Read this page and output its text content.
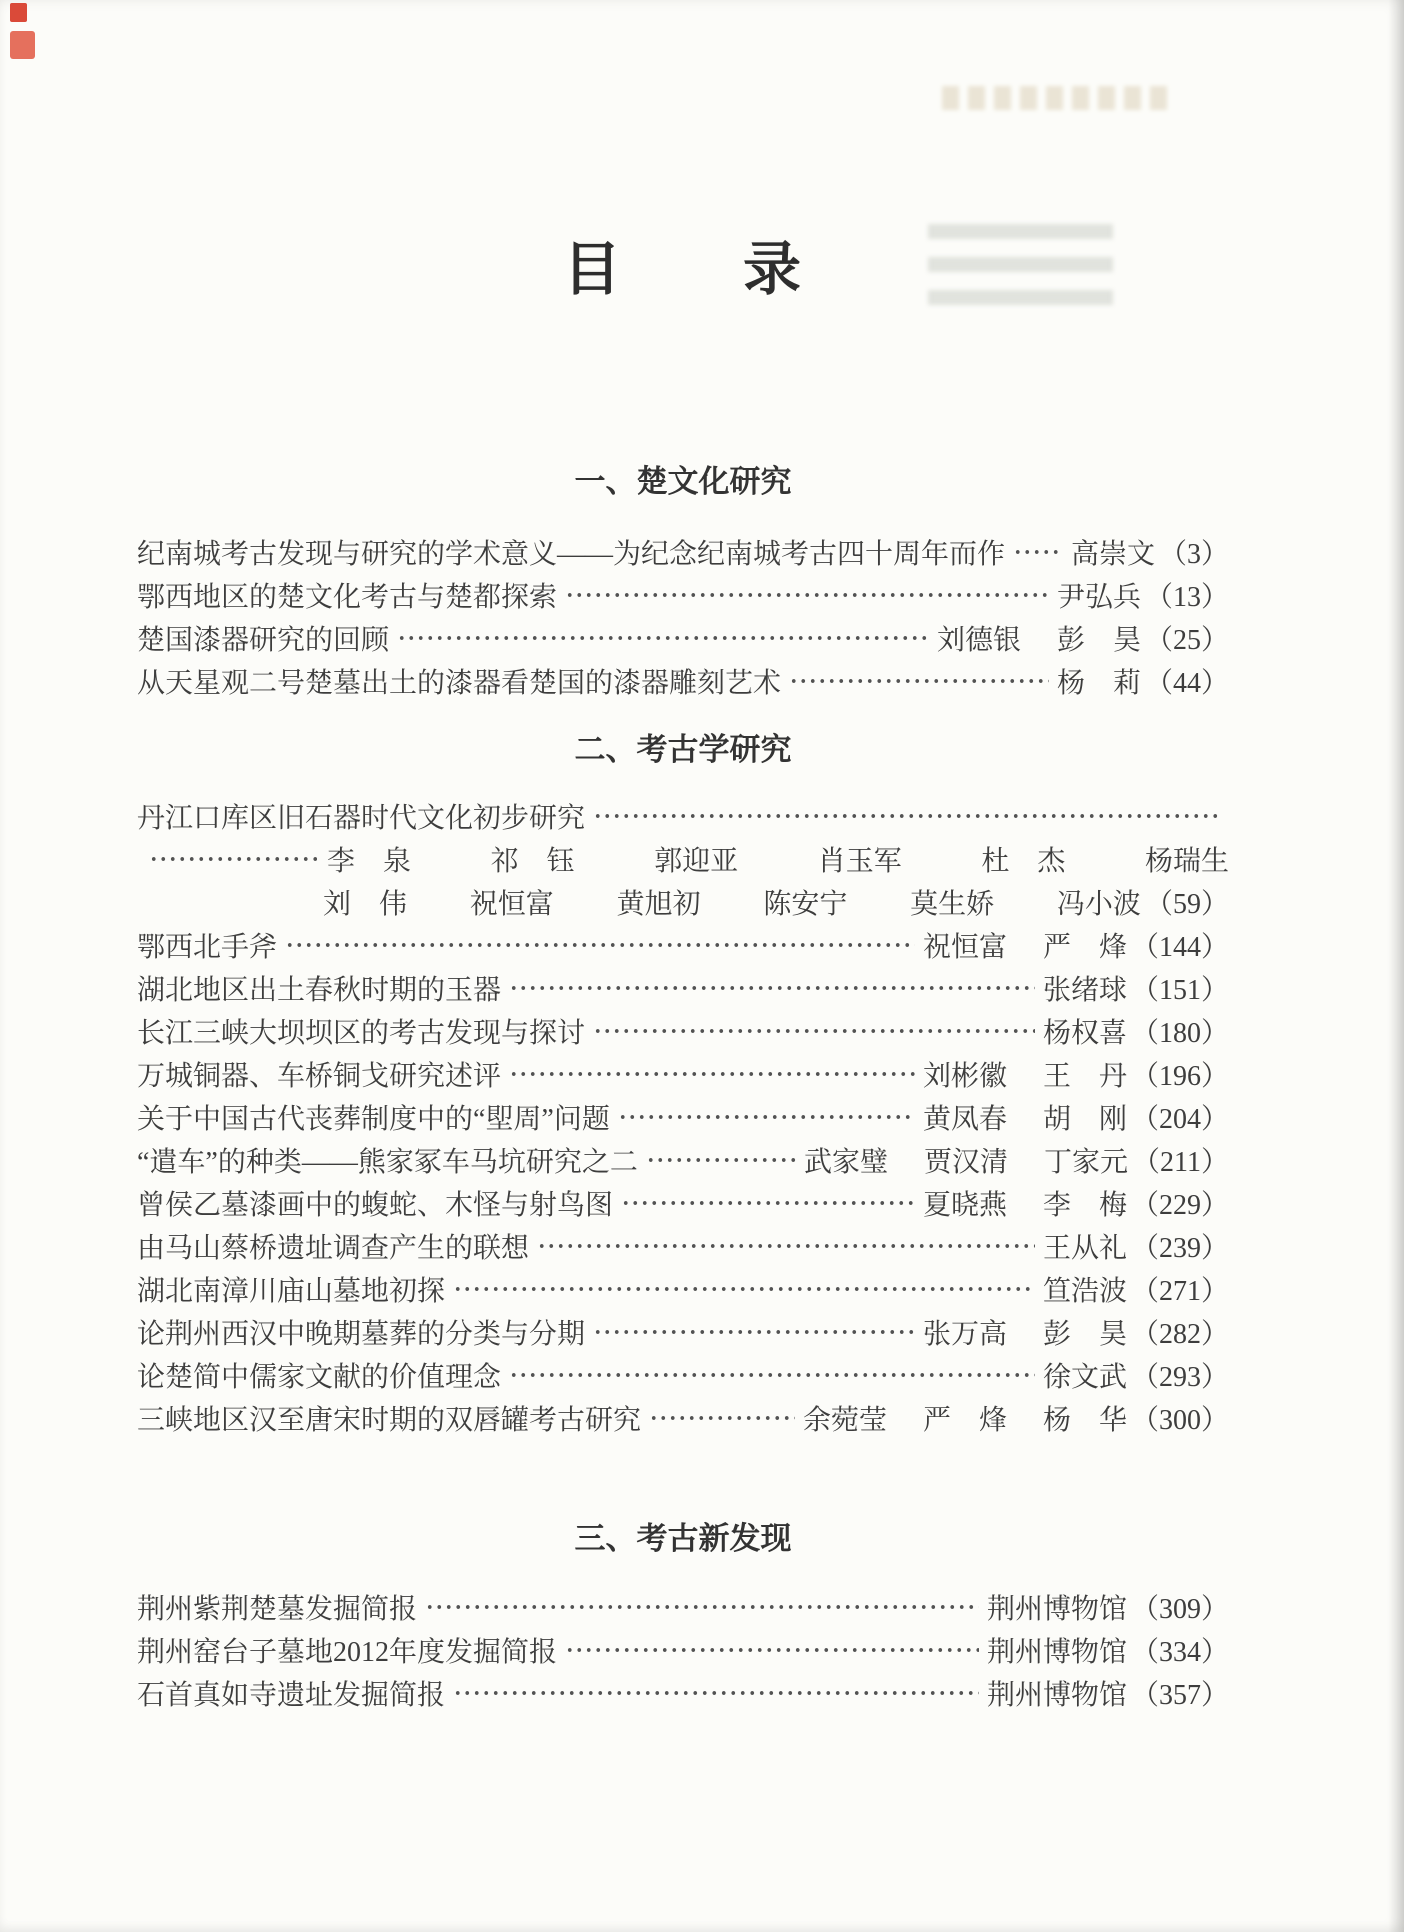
目　　录
一、楚文化研究
纪南城考古发现与研究的学术意义——为纪念纪南城考古四十周年而作 高崇文 （3）
鄂西地区的楚文化考古与楚都探索	尹弘兵 （13）
楚国漆器研究的回顾	刘德银 彭　昊 （25）
从天星观二号楚墓出土的漆器看楚国的漆器雕刻艺术	杨　莉 （44）
二、考古学研究
丹江口库区旧石器时代文化初步研究
李　泉	祁　钰	郭迎亚	肖玉军	杜　杰	杨瑞生
刘　伟 祝恒富 黄旭初 陈安宁 莫生娇 冯小波 （59）
鄂西北手斧	祝恒富 严　烽 （144）
湖北地区出土春秋时期的玉器	张绪球 （151）
长江三峡大坝坝区的考古发现与探讨	杨权喜 （180）
万城铜器、车桥铜戈研究述评	刘彬徽 王　丹 （196）
关于中国古代丧葬制度中的“堲周”问题	黄凤春 胡　刚 （204）
“遣车”的种类——熊家冢车马坑研究之二	武家璧 贾汉清 丁家元 （211）
曾侯乙墓漆画中的蝮蛇、木怪与射鸟图	夏晓燕 李　梅 （229）
由马山蔡桥遗址调查产生的联想	王从礼 （239）
湖北南漳川庙山墓地初探	笪浩波 （271）
论荆州西汉中晚期墓葬的分类与分期	张万高 彭　昊 （282）
论楚简中儒家文献的价值理念	徐文武 （293）
三峡地区汉至唐宋时期的双唇罐考古研究	余菀莹 严　烽 杨　华 （300）
三、考古新发现
荆州紫荆楚墓发掘简报	荆州博物馆 （309）
荆州窑台子墓地2012年度发掘简报	荆州博物馆 （334）
石首真如寺遗址发掘简报	荆州博物馆 （357）
